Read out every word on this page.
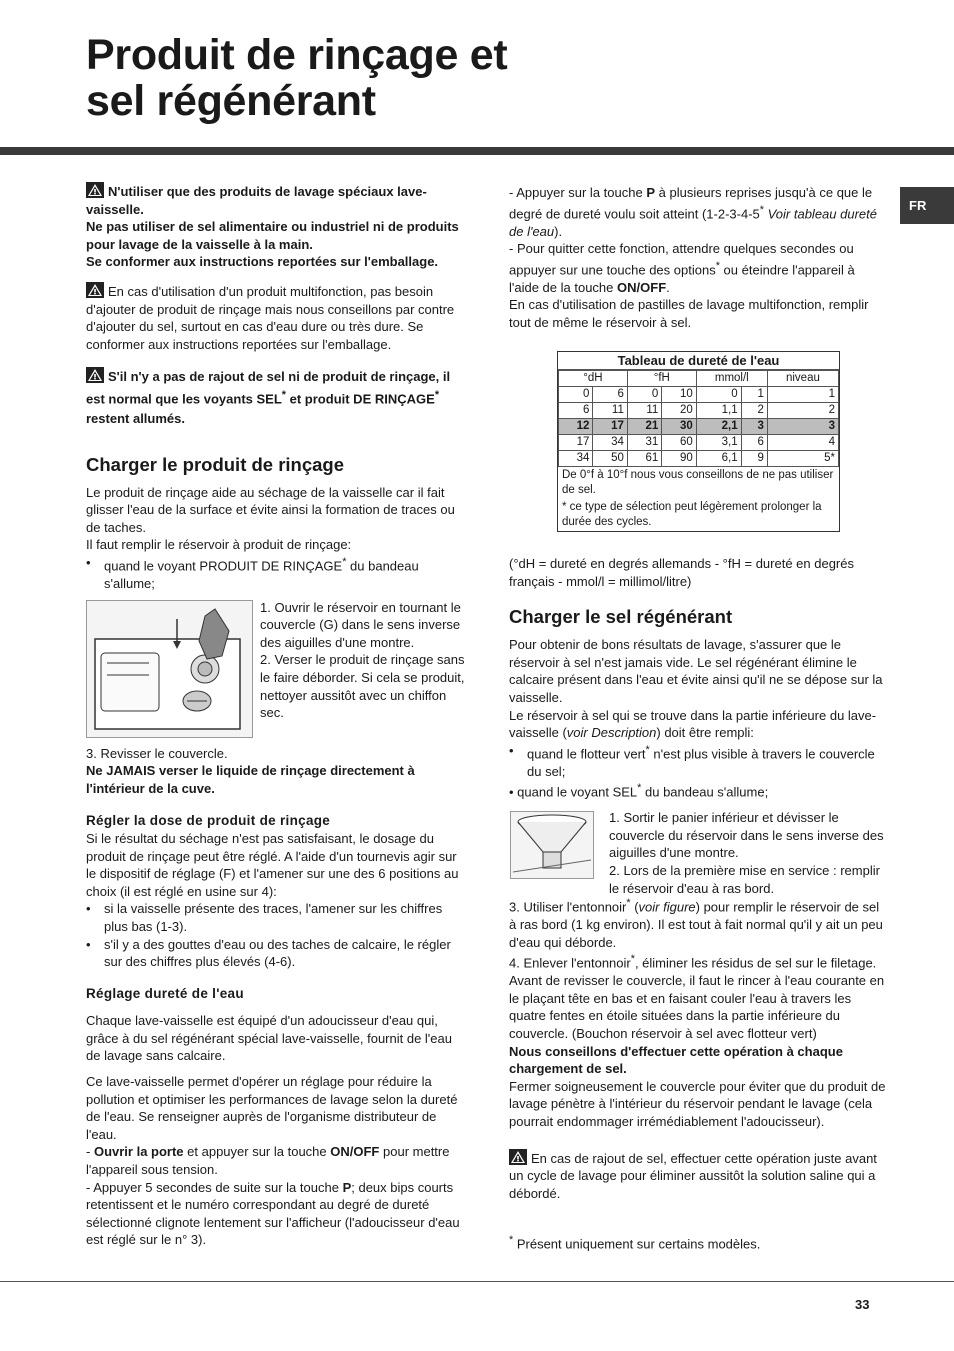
Produit de rinçage et
sel régénérant
FR

N'utiliser que des produits de lavage spéciaux lave-vaisselle.
Ne pas utiliser de sel alimentaire ou industriel ni de produits pour lavage de la vaisselle à la main.
Se conformer aux instructions reportées sur l'emballage.

En cas d'utilisation d'un produit multifonction, pas besoin d'ajouter de produit de rinçage mais nous conseillons par contre d'ajouter du sel, surtout en cas d'eau dure ou très dure. Se conformer aux instructions reportées sur l'emballage.

S'il n'y a pas de rajout de sel ni de produit de rinçage, il est normal que les voyants SEL* et produit DE RINÇAGE* restent allumés.

Charger le produit de rinçage

Le produit de rinçage aide au séchage de la vaisselle car il fait glisser l'eau de la surface et évite ainsi la formation de traces ou de taches.

Il faut remplir le réservoir à produit de rinçage:

•	quand le voyant PRODUIT DE RINÇAGE* du bandeau s'allume;

1. Ouvrir le réservoir en tournant le couvercle (G) dans le sens inverse des aiguilles d'une montre.

2. Verser le produit de rinçage sans le faire déborder. Si cela se produit, nettoyer aussitôt avec un chiffon sec.

3. Revisser le couvercle.

Ne JAMAIS verser le liquide de rinçage directement à l'intérieur de la cuve.

Régler la dose de produit de rinçage

Si le résultat du séchage n'est pas satisfaisant, le dosage du produit de rinçage peut être réglé. A l'aide d'un tournevis agir sur le dispositif de réglage (F) et l'amener sur une des 6 positions au choix (il est réglé en usine sur 4):

•	si la vaisselle présente des traces, l'amener sur les chiffres plus bas (1-3).
•	s'il y a des gouttes d'eau ou des taches de calcaire, le régler sur des chiffres plus élevés (4-6).
Réglage dureté de l'eau

Chaque lave-vaisselle est équipé d'un adoucisseur d'eau qui, grâce à du sel régénérant spécial lave-vaisselle, fournit de l'eau de lavage sans calcaire.

Ce lave-vaisselle permet d'opérer un réglage pour réduire la pollution et optimiser les performances de lavage selon la dureté de l'eau. Se renseigner auprès de l'organisme distributeur de l'eau.

- Ouvrir la porte et appuyer sur la touche ON/OFF pour mettre l'appareil sous tension.

- Appuyer 5 secondes de suite sur la touche P; deux bips courts retentissent et le numéro correspondant au degré de dureté sélectionné clignote lentement sur l'afficheur (l'adoucisseur d'eau est réglé sur le n° 3).

- Appuyer sur la touche P à plusieurs reprises jusqu'à ce que le degré de dureté voulu soit atteint (1-2-3-4-5* Voir tableau dureté de l'eau).

- Pour quitter cette fonction, attendre quelques secondes ou appuyer sur une touche des options* ou éteindre l'appareil à l'aide de la touche ON/OFF.

En cas d'utilisation de pastilles de lavage multifonction, remplir tout de même le réservoir à sel.

Tableau de dureté de l'eau
°dH		°fH		mmol/l		niveau
0	6	0	10	0	1	1
6	11	11	20	1,1	2	2
12	17	21	30	2,1	3	3
17	34	31	60	3,1	6	4
34	50	61	90	6,1	9	5*
De 0°f à 10°f nous vous conseillons de ne pas utiliser de sel.
* ce type de sélection peut légèrement prolonger la durée des cycles.

(°dH = dureté en degrés allemands - °fH = dureté en degrés français - mmol/l = millimol/litre)

Charger le sel régénérant

Pour obtenir de bons résultats de lavage, s'assurer que le réservoir à sel n'est jamais vide. Le sel régénérant élimine le calcaire présent dans l'eau et évite ainsi qu'il ne se dépose sur la vaisselle.

Le réservoir à sel qui se trouve dans la partie inférieure du lave-vaisselle (voir Description) doit être rempli:

•	quand le flotteur vert* n'est plus visible à travers le couvercle du sel;

• quand le voyant SEL* du bandeau s'allume;

1. Sortir le panier inférieur et dévisser le couvercle du réservoir dans le sens inverse des aiguilles d'une montre.

2. Lors de la première mise en service : remplir le réservoir d'eau à ras bord.

3. Utiliser l'entonnoir* (voir figure) pour remplir le réservoir de sel à ras bord (1 kg environ). Il est tout à fait normal qu'il y ait un peu d'eau qui déborde.

4. Enlever l'entonnoir*, éliminer les résidus de sel sur le filetage. Avant de revisser le couvercle, il faut le rincer à l'eau courante en le plaçant tête en bas et en faisant couler l'eau à travers les quatre fentes en étoile situées dans la partie inférieure du couvercle. (Bouchon réservoir à sel avec flotteur vert)

Nous conseillons d'effectuer cette opération à chaque chargement de sel.

Fermer soigneusement le couvercle pour éviter que du produit de lavage pénètre à l'intérieur du réservoir pendant le lavage (cela pourrait endommager irrémédiablement l'adoucisseur).

En cas de rajout de sel, effectuer cette opération juste avant un cycle de lavage pour éliminer aussitôt la solution saline qui a débordé.

* Présent uniquement sur certains modèles.

33
